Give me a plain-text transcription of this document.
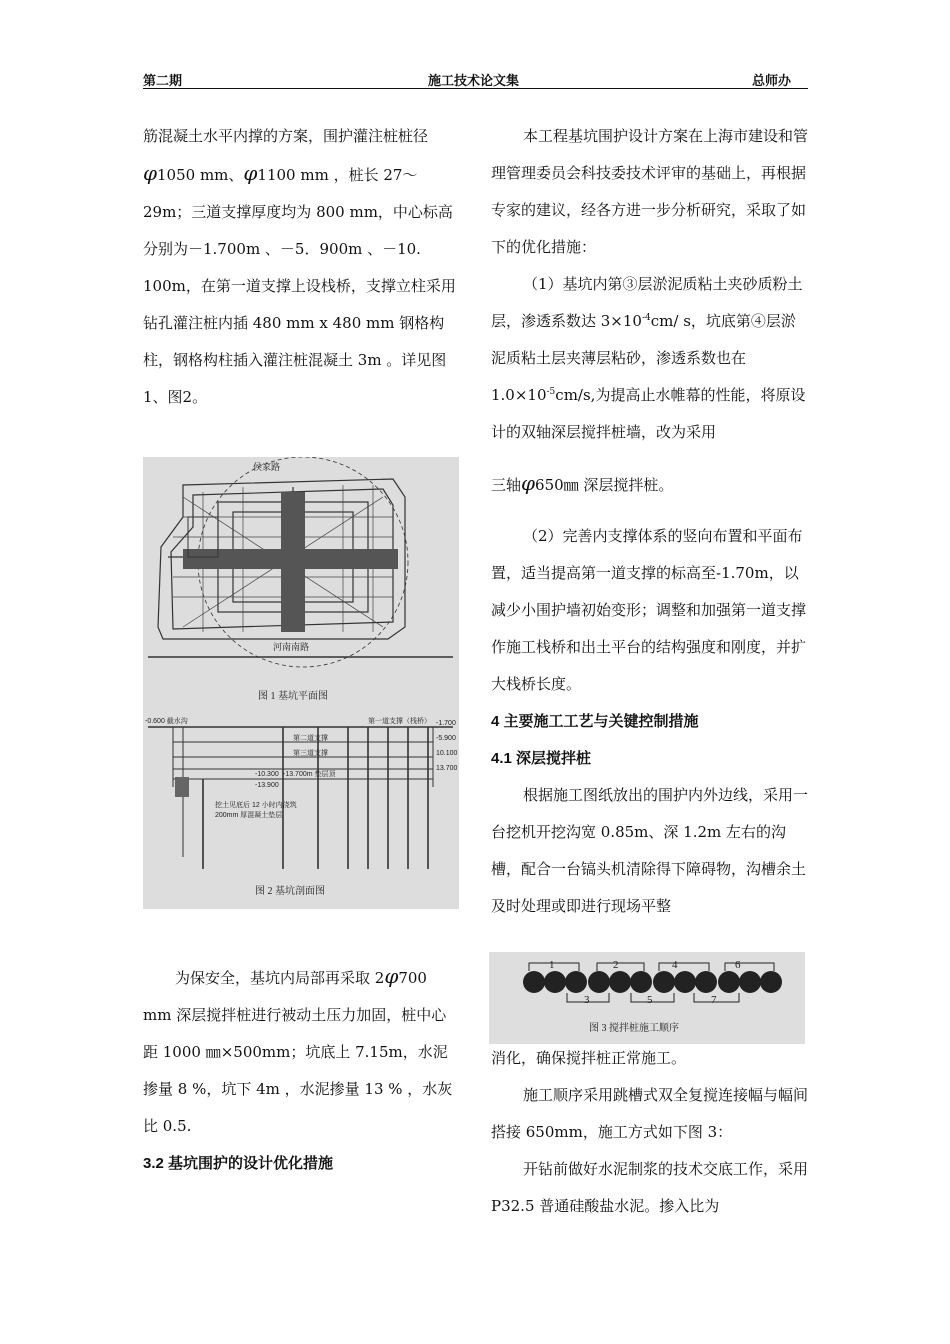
第二期	施工技术论文集	总师办

筋混凝土水平内撑的方案，围护灌注桩桩径φ1050 mm、φ1100 mm ，桩长 27～29m；三道支撑厚度均为 800 mm，中心标高分别为－1.700m 、－5．900m 、－10. 100m，在第一道支撑上设栈桥，支撑立柱采用钻孔灌注桩内插 480 mm x 480 mm 钢格构柱，钢格构柱插入灌注桩混凝土 3m 。详见图1、图2。

侯家路
河南南路
图 1 基坑平面图
-0.600 截水沟	第一道支撑（栈桥）
第二道支撑
第三道支撑
-13.700m 垫层顶
-10.300
-13.900
-1.700
-5.900
10.100
13.700
挖土见底后 12 小时内浇筑
200mm 厚混凝土垫层
图 2 基坑剖面图

为保安全，基坑内局部再采取 2φ700 mm 深层搅拌桩进行被动土压力加固，桩中心距 1000 ㎜×500mm；坑底上 7.15m，水泥掺量 8 %，坑下 4m ，水泥掺量 13 % ，水灰比 0.5.

3.2 基坑围护的设计优化措施

本工程基坑围护设计方案在上海市建设和管理管理委员会科技委技术评审的基础上，再根据专家的建议，经各方进一步分析研究，采取了如下的优化措施：

（1）基坑内第③层淤泥质粘土夹砂质粉土层，渗透系数达 $3\times 10^{-4}cm/$ s，坑底第④层淤泥质粘土层夹薄层粘砂，渗透系数也在 $1.0\times 10^{-5}cm/s$,为提高止水帷幕的性能，将原设计的双轴深层搅拌桩墙，改为采用

三轴φ650㎜ 深层搅拌桩。

（2）完善内支撑体系的竖向布置和平面布置，适当提高第一道支撑的标高至-1.70m，以减少小围护墙初始变形；调整和加强第一道支撑作施工栈桥和出土平台的结构强度和刚度，并扩大栈桥长度。

4 主要施工工艺与关键控制措施

4.1 深层搅拌桩

根据施工图纸放出的围护内外边线，采用一台挖机开挖沟宽 0.85m、深 1.2m 左右的沟槽，配合一台镐头机清除得下障碍物，沟槽余土及时处理或即进行现场平整

1	2	4	6
3	5	7
图 3 搅拌桩施工顺序

消化，确保搅拌桩正常施工。

施工顺序采用跳槽式双全复搅连接幅与幅间搭接 650mm，施工方式如下图 3：

开钻前做好水泥制浆的技术交底工作，采用 P32.5 普通硅酸盐水泥。掺入比为
